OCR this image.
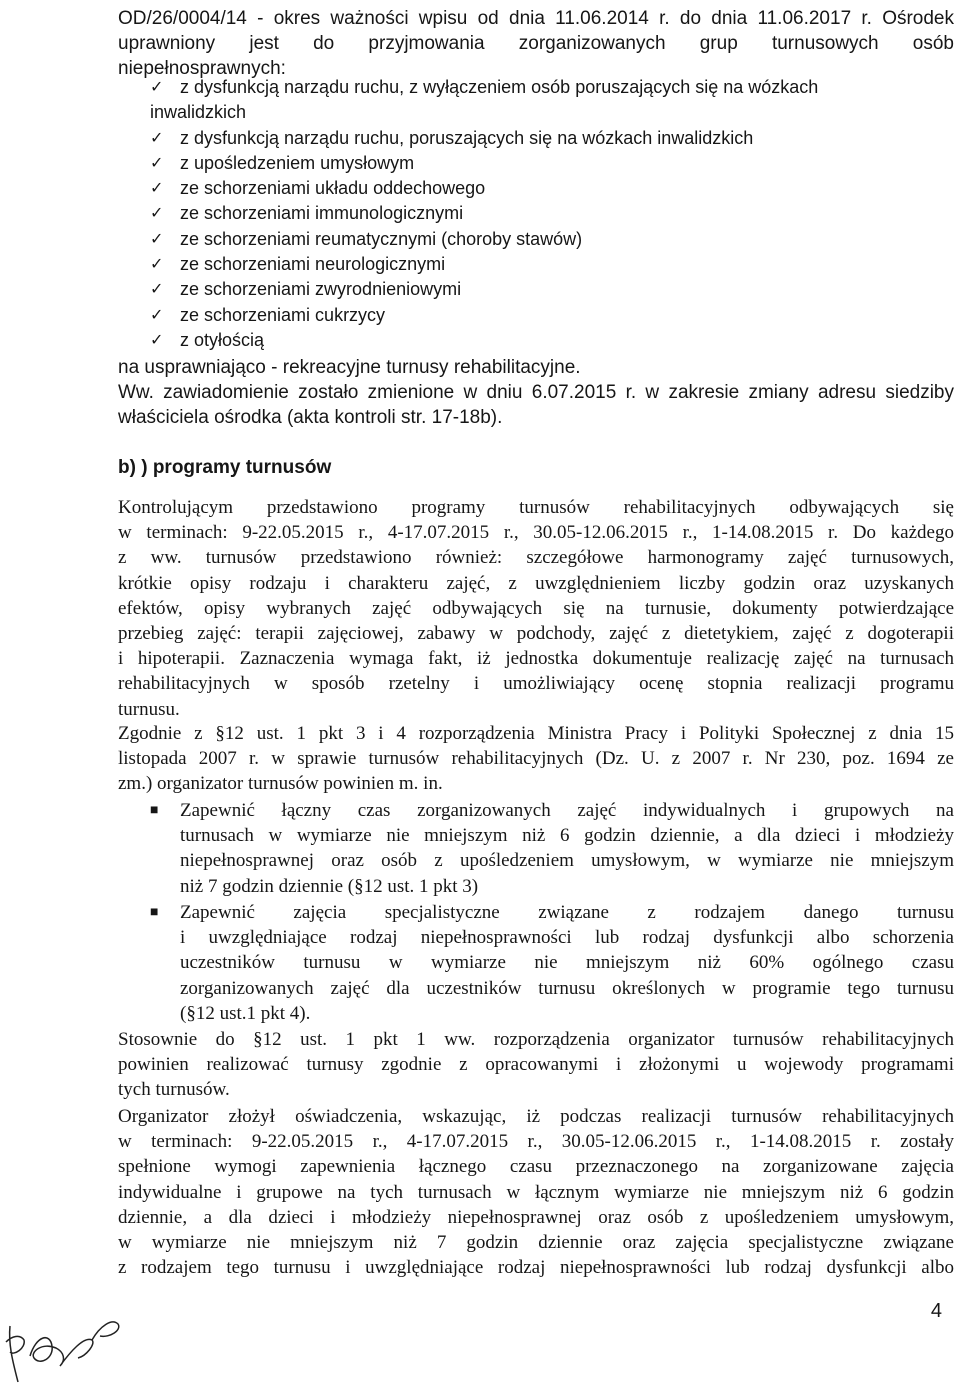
OD/26/0004/14 - okres ważności wpisu od dnia 11.06.2014 r. do dnia 11.06.2017 r. Ośrodek
uprawniony jest do przyjmowania zorganizowanych grup turnusowych osób
niepełnosprawnych:
✓ z dysfunkcją narządu ruchu, z wyłączeniem osób poruszających się na wózkach
inwalidzkich
✓ z dysfunkcją narządu ruchu, poruszających się na wózkach inwalidzkich
✓ z upośledzeniem umysłowym
✓ ze schorzeniami układu oddechowego
✓ ze schorzeniami immunologicznymi
✓ ze schorzeniami reumatycznymi (choroby stawów)
✓ ze schorzeniami neurologicznymi
✓ ze schorzeniami zwyrodnieniowymi
✓ ze schorzeniami cukrzycy
✓ z otyłością
na usprawniająco - rekreacyjne turnusy rehabilitacyjne.
Ww. zawiadomienie zostało zmienione w dniu 6.07.2015 r. w zakresie zmiany adresu siedziby
właściciela ośrodka (akta kontroli str. 17-18b).
b) ) programy turnusów
Kontrolującym przedstawiono programy turnusów rehabilitacyjnych odbywających się
w terminach: 9-22.05.2015 r., 4-17.07.2015 r., 30.05-12.06.2015 r., 1-14.08.2015 r. Do każdego
z ww. turnusów przedstawiono również: szczegółowe harmonogramy zajęć turnusowych,
krótkie opisy rodzaju i charakteru zajęć, z uwzględnieniem liczby godzin oraz uzyskanych
efektów, opisy wybranych zajęć odbywających się na turnusie, dokumenty potwierdzające
przebieg zajęć: terapii zajęciowej, zabawy w podchody, zajęć z dietetykiem, zajęć z dogoterapii
i hipoterapii. Zaznaczenia wymaga fakt, iż jednostka dokumentuje realizację zajęć na turnusach
rehabilitacyjnych w sposób rzetelny i umożliwiający ocenę stopnia realizacji programu
turnusu.
Zgodnie z §12 ust. 1 pkt 3 i 4 rozporządzenia Ministra Pracy i Polityki Społecznej z dnia 15
listopada 2007 r. w sprawie turnusów rehabilitacyjnych (Dz. U. z 2007 r. Nr 230, poz. 1694 ze
zm.) organizator turnusów powinien m. in.
■	Zapewnić łączny czas zorganizowanych zajęć indywidualnych i grupowych na
turnusach w wymiarze nie mniejszym niż 6 godzin dziennie, a dla dzieci i młodzieży
niepełnosprawnej oraz osób z upośledzeniem umysłowym, w wymiarze nie mniejszym
niż 7 godzin dziennie (§12 ust. 1 pkt 3)
■	Zapewnić zajęcia specjalistyczne związane z rodzajem danego turnusu
i uwzględniające rodzaj niepełnosprawności lub rodzaj dysfunkcji albo schorzenia
uczestników turnusu w wymiarze nie mniejszym niż 60% ogólnego czasu
zorganizowanych zajęć dla uczestników turnusu określonych w programie tego turnusu
(§12 ust.1 pkt 4).
Stosownie do §12 ust. 1 pkt 1 ww. rozporządzenia organizator turnusów rehabilitacyjnych
powinien realizować turnusy zgodnie z opracowanymi i złożonymi u wojewody programami
tych turnusów.
Organizator złożył oświadczenia, wskazując, iż podczas realizacji turnusów rehabilitacyjnych
w terminach: 9-22.05.2015 r., 4-17.07.2015 r., 30.05-12.06.2015 r., 1-14.08.2015 r. zostały
spełnione wymogi zapewnienia łącznego czasu przeznaczonego na zorganizowane zajęcia
indywidualne i grupowe na tych turnusach w łącznym wymiarze nie mniejszym niż 6 godzin
dziennie, a dla dzieci i młodzieży niepełnosprawnej oraz osób z upośledzeniem umysłowym,
w wymiarze nie mniejszym niż 7 godzin dziennie oraz zajęcia specjalistyczne związane
z rodzajem tego turnusu i uwzględniające rodzaj niepełnosprawności lub rodzaj dysfunkcji albo
4
